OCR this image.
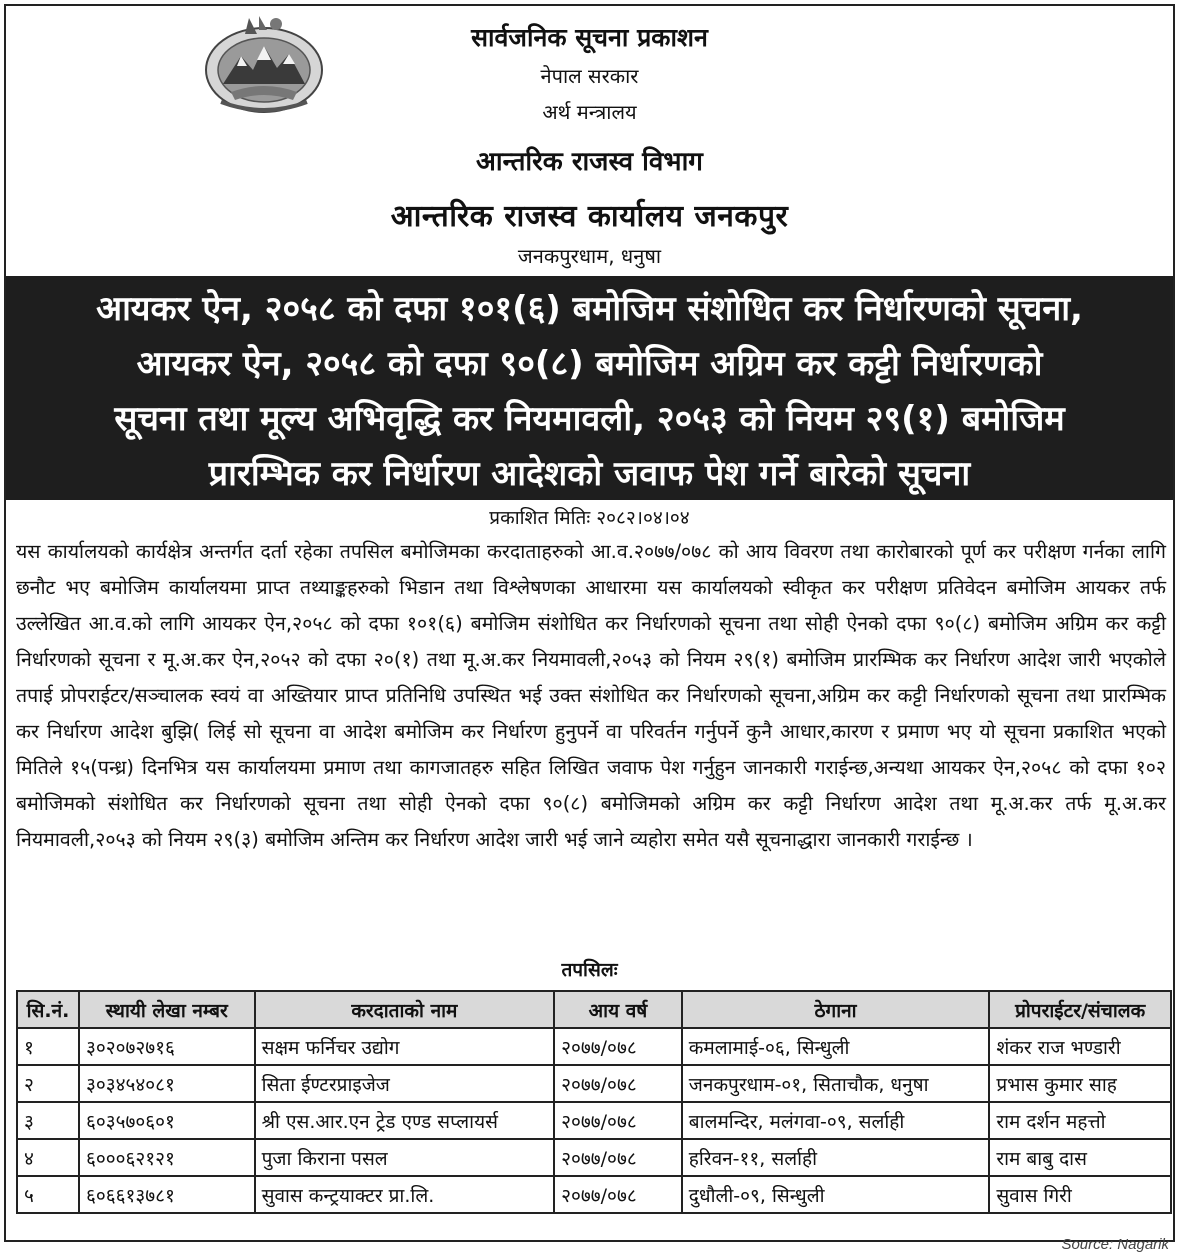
सार्वजनिक सूचना प्रकाशन
नेपाल सरकार
अर्थ मन्त्रालय
आन्तरिक राजस्व विभाग
आन्तरिक राजस्व कार्यालय जनकपुर
जनकपुरधाम, धनुषा
आयकर ऐन, २०५८ को दफा १०१(६) बमोजिम संशोधित कर निर्धारणको सूचना,
आयकर ऐन, २०५८ को दफा ९०(८) बमोजिम अग्रिम कर कट्टी निर्धारणको
सूचना तथा मूल्य अभिवृद्धि कर नियमावली, २०५३ को नियम २९(१) बमोजिम
प्रारम्भिक कर निर्धारण आदेशको जवाफ पेश गर्ने बारेको सूचना
प्रकाशित मितिः २०८२।०४।०४
यस कार्यालयको कार्यक्षेत्र अन्तर्गत दर्ता रहेका तपसिल बमोजिमका करदाताहरुको आ.व.२०७७/०७८ को आय विवरण तथा कारोबारको पूर्ण कर परीक्षण गर्नका लागि छनौट भए बमोजिम कार्यालयमा प्राप्त तथ्याङ्कहरुको भिडान तथा विश्लेषणका आधारमा यस कार्यालयको स्वीकृत कर परीक्षण प्रतिवेदन बमोजिम आयकर तर्फ उल्लेखित आ.व.को लागि आयकर ऐन,२०५८ को दफा १०१(६) बमोजिम संशोधित कर निर्धारणको सूचना तथा सोही ऐनको दफा ९०(८) बमोजिम अग्रिम कर कट्टी निर्धारणको सूचना र मू.अ.कर ऐन,२०५२ को दफा २०(१) तथा मू.अ.कर नियमावली,२०५३ को नियम २९(१) बमोजिम प्रारम्भिक कर निर्धारण आदेश जारी भएकोले तपाई प्रोपराईटर/सञ्चालक स्वयं वा अख्तियार प्राप्त प्रतिनिधि उपस्थित भई उक्त संशोधित कर निर्धारणको सूचना,अग्रिम कर कट्टी निर्धारणको सूचना तथा प्रारम्भिक कर निर्धारण आदेश बुझि( लिई सो सूचना वा आदेश बमोजिम कर निर्धारण हुनुपर्ने वा परिवर्तन गर्नुपर्ने कुनै आधार,कारण र प्रमाण भए यो सूचना प्रकाशित भएको मितिले १५(पन्ध्र) दिनभित्र यस कार्यालयमा प्रमाण तथा कागजातहरु सहित लिखित जवाफ पेश गर्नुहुन जानकारी गराईन्छ,अन्यथा आयकर ऐन,२०५८ को दफा १०२ बमोजिमको संशोधित कर निर्धारणको सूचना तथा सोही ऐनको दफा ९०(८) बमोजिमको अग्रिम कर कट्टी निर्धारण आदेश तथा मू.अ.कर तर्फ मू.अ.कर नियमावली,२०५३ को नियम २९(३) बमोजिम अन्तिम कर निर्धारण आदेश जारी भई जाने व्यहोरा समेत यसै सूचनाद्धारा जानकारी गराईन्छ ।
तपसिलः
सि.नं.	स्थायी लेखा नम्बर	करदाताको नाम	आय वर्ष	ठेगाना	प्रोपराईटर/संचालक
१	३०२०७२७१६	सक्षम फर्निचर उद्योग	२०७७/०७८	कमलामाई-०६, सिन्धुली	शंकर राज भण्डारी
२	३०३४५४०८१	सिता ईण्टरप्राइजेज	२०७७/०७८	जनकपुरधाम-०१, सिताचौक, धनुषा	प्रभास कुमार साह
३	६०३५७०६०१	श्री एस.आर.एन ट्रेड एण्ड सप्लायर्स	२०७७/०७८	बालमन्दिर, मलंगवा-०९, सर्लाही	राम दर्शन महत्तो
४	६०००६२१२१	पुजा किराना पसल	२०७७/०७८	हरिवन-११, सर्लाही	राम बाबु दास
५	६०६६१३७८१	सुवास कन्ट्रयाक्टर प्रा.लि.	२०७७/०७८	दुधौली-०९, सिन्धुली	सुवास गिरी
Source: Nagarik
